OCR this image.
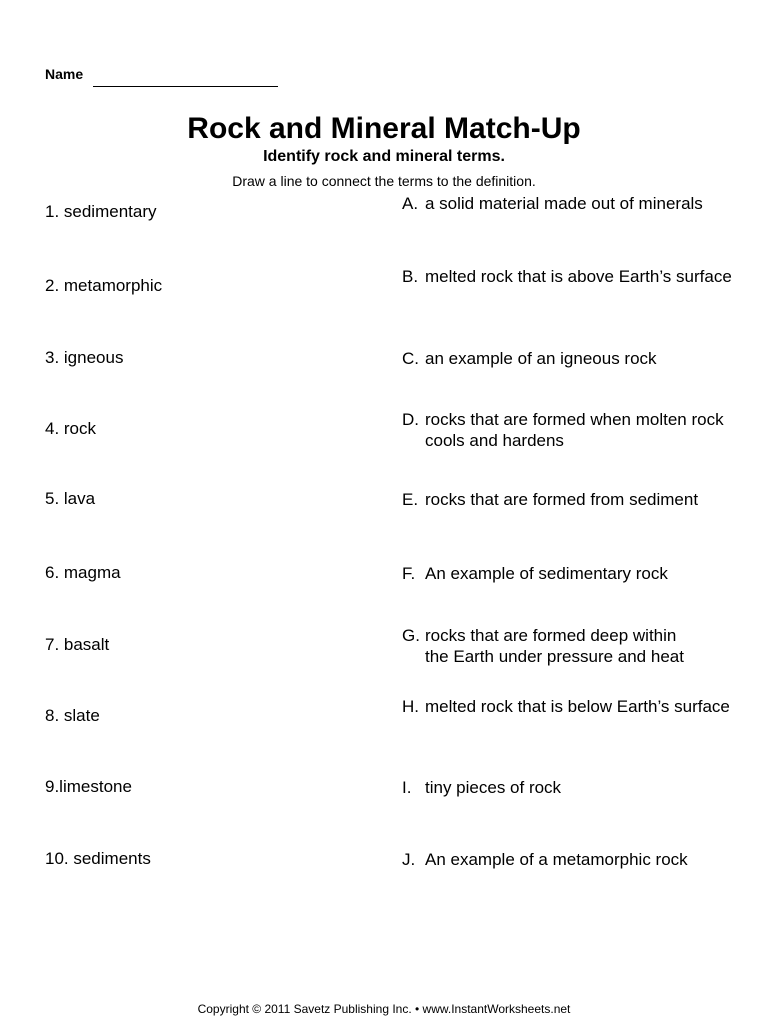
Name
Rock and Mineral Match-Up
Identify rock and mineral terms.
Draw a line to connect the terms to the definition.
1. sedimentary
2. metamorphic
3. igneous
4. rock
5. lava
6. magma
7. basalt
8. slate
9.limestone
10. sediments
A. a solid material made out of minerals
B. melted rock that is above Earth’s surface
C. an example of an igneous rock
D. rocks that are formed when molten rock cools and hardens
E. rocks that are formed from sediment
F. An example of sedimentary rock
G. rocks that are formed deep within the Earth under pressure and heat
H. melted rock that is below Earth’s surface
I. tiny pieces of rock
J. An example of a metamorphic rock
Copyright © 2011 Savetz Publishing Inc. • www.InstantWorksheets.net
